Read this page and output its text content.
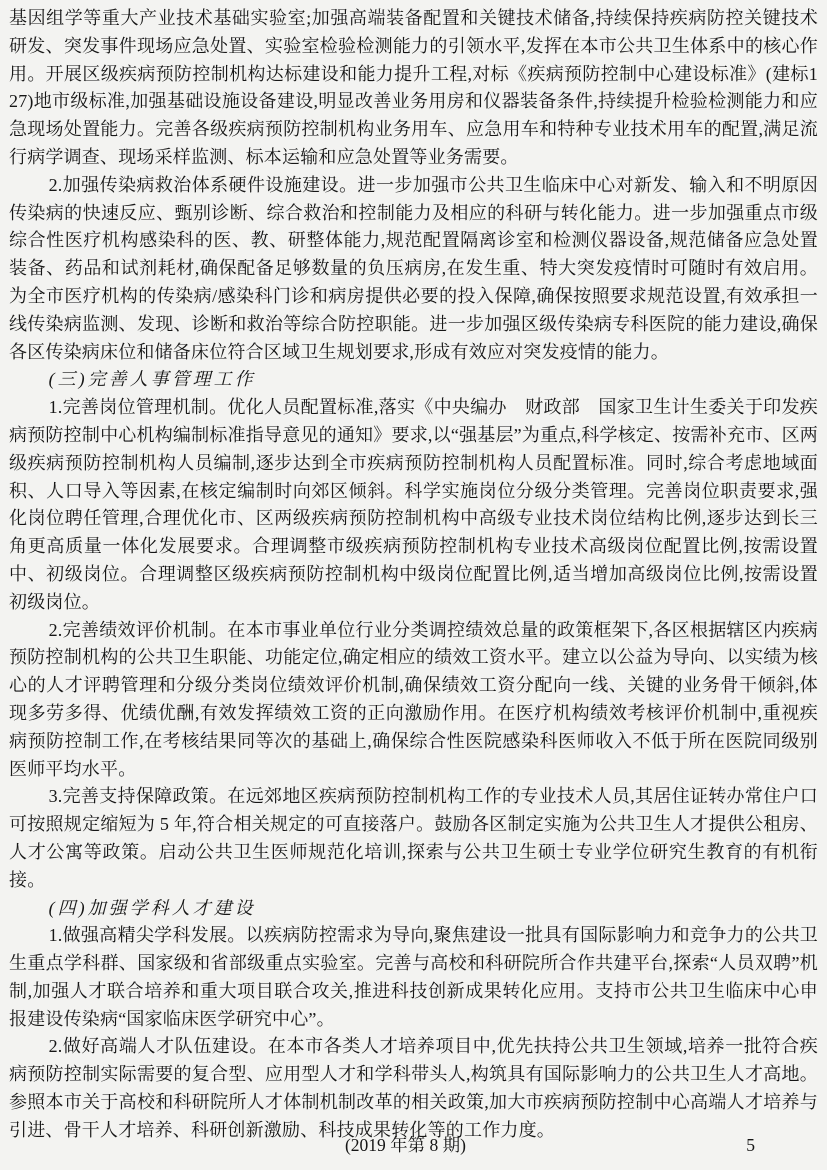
基因组学等重大产业技术基础实验室;加强高端装备配置和关键技术储备,持续保持疾病防控关键技术研发、突发事件现场应急处置、实验室检验检测能力的引领水平,发挥在本市公共卫生体系中的核心作用。开展区级疾病预防控制机构达标建设和能力提升工程,对标《疾病预防控制中心建设标准》(建标127)地市级标准,加强基础设施设备建设,明显改善业务用房和仪器装备条件,持续提升检验检测能力和应急现场处置能力。完善各级疾病预防控制机构业务用车、应急用车和特种专业技术用车的配置,满足流行病学调查、现场采样监测、标本运输和应急处置等业务需要。

2.加强传染病救治体系硬件设施建设。进一步加强市公共卫生临床中心对新发、输入和不明原因传染病的快速反应、甄别诊断、综合救治和控制能力及相应的科研与转化能力。进一步加强重点市级综合性医疗机构感染科的医、教、研整体能力,规范配置隔离诊室和检测仪器设备,规范储备应急处置装备、药品和试剂耗材,确保配备足够数量的负压病房,在发生重、特大突发疫情时可随时有效启用。为全市医疗机构的传染病/感染科门诊和病房提供必要的投入保障,确保按照要求规范设置,有效承担一线传染病监测、发现、诊断和救治等综合防控职能。进一步加强区级传染病专科医院的能力建设,确保各区传染病床位和储备床位符合区域卫生规划要求,形成有效应对突发疫情的能力。

(三)完善人事管理工作

1.完善岗位管理机制。优化人员配置标准,落实《中央编办　财政部　国家卫生计生委关于印发疾病预防控制中心机构编制标准指导意见的通知》要求,以“强基层”为重点,科学核定、按需补充市、区两级疾病预防控制机构人员编制,逐步达到全市疾病预防控制机构人员配置标准。同时,综合考虑地域面积、人口导入等因素,在核定编制时向郊区倾斜。科学实施岗位分级分类管理。完善岗位职责要求,强化岗位聘任管理,合理优化市、区两级疾病预防控制机构中高级专业技术岗位结构比例,逐步达到长三角更高质量一体化发展要求。合理调整市级疾病预防控制机构专业技术高级岗位配置比例,按需设置中、初级岗位。合理调整区级疾病预防控制机构中级岗位配置比例,适当增加高级岗位比例,按需设置初级岗位。

2.完善绩效评价机制。在本市事业单位行业分类调控绩效总量的政策框架下,各区根据辖区内疾病预防控制机构的公共卫生职能、功能定位,确定相应的绩效工资水平。建立以公益为导向、以实绩为核心的人才评聘管理和分级分类岗位绩效评价机制,确保绩效工资分配向一线、关键的业务骨干倾斜,体现多劳多得、优绩优酬,有效发挥绩效工资的正向激励作用。在医疗机构绩效考核评价机制中,重视疾病预防控制工作,在考核结果同等次的基础上,确保综合性医院感染科医师收入不低于所在医院同级别医师平均水平。

3.完善支持保障政策。在远郊地区疾病预防控制机构工作的专业技术人员,其居住证转办常住户口可按照规定缩短为 5 年,符合相关规定的可直接落户。鼓励各区制定实施为公共卫生人才提供公租房、人才公寓等政策。启动公共卫生医师规范化培训,探索与公共卫生硕士专业学位研究生教育的有机衔接。

(四)加强学科人才建设

1.做强高精尖学科发展。以疾病防控需求为导向,聚焦建设一批具有国际影响力和竞争力的公共卫生重点学科群、国家级和省部级重点实验室。完善与高校和科研院所合作共建平台,探索“人员双聘”机制,加强人才联合培养和重大项目联合攻关,推进科技创新成果转化应用。支持市公共卫生临床中心申报建设传染病“国家临床医学研究中心”。

2.做好高端人才队伍建设。在本市各类人才培养项目中,优先扶持公共卫生领域,培养一批符合疾病预防控制实际需要的复合型、应用型人才和学科带头人,构筑具有国际影响力的公共卫生人才高地。参照本市关于高校和科研院所人才体制机制改革的相关政策,加大市疾病预防控制中心高端人才培养与引进、骨干人才培养、科研创新激励、科技成果转化等的工作力度。

(2019 年第 8 期)	5
